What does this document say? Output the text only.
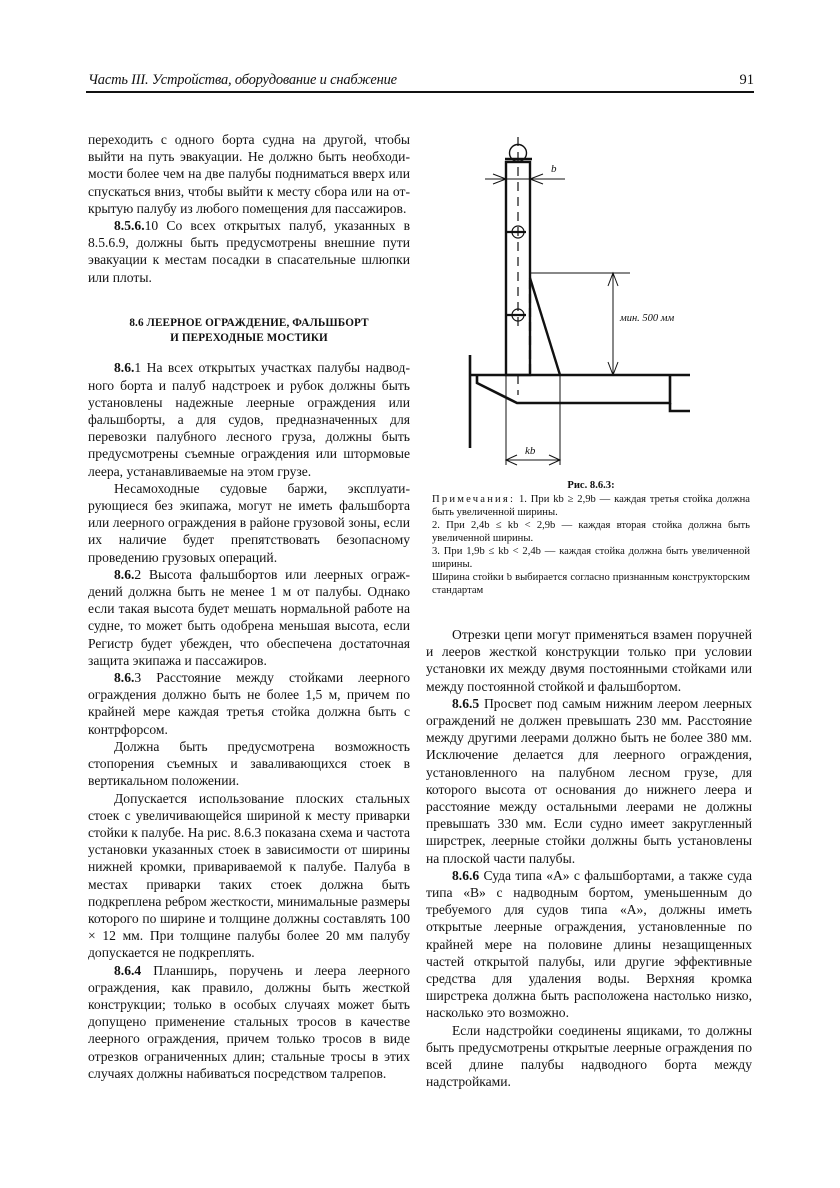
Часть III. Устройства, оборудование и снабжение	91

переходить с одного борта судна на другой, чтобы выйти на путь эвакуации. Не должно быть необходи-мости более чем на две палубы подниматься вверх или спускаться вниз, чтобы выйти к месту сбора или на открытую палубу из любого помещения для пассажиров.

8.5.6.10 Со всех открытых палуб, указанных в 8.5.6.9, должны быть предусмотрены внешние пути эвакуации к местам посадки в спасательные шлюпки или плоты.

8.6 ЛЕЕРНОЕ ОГРАЖДЕНИЕ, ФАЛЬШБОРТ
И ПЕРЕХОДНЫЕ МОСТИКИ

8.6.1 На всех открытых участках палубы надводного борта и палуб надстроек и рубок должны быть установлены надежные леерные ограждения или фальшборты, а для судов, предназначенных для перевозки палубного лесного груза, должны быть предусмотрены съемные ограждения или штормовые леера, устанавливаемые на этом грузе.

Несамоходные судовые баржи, эксплуатирующиеся без экипажа, могут не иметь фальшборта или леерного ограждения в районе грузовой зоны, если их наличие будет препятствовать безопасному проведению грузовых операций.

8.6.2 Высота фальшбортов или леерных ограждений должна быть не менее 1 м от палубы. Однако если такая высота будет мешать нормальной работе на судне, то может быть одобрена меньшая высота, если Регистр будет убежден, что обеспечена достаточная защита экипажа и пассажиров.

8.6.3 Расстояние между стойками леерного ограждения должно быть не более 1,5 м, причем по крайней мере каждая третья стойка должна быть с контрфорсом.

Должна быть предусмотрена возможность стопорения съемных и заваливающихся стоек в вертикальном положении.

Допускается использование плоских стальных стоек с увеличивающейся шириной к месту приварки стойки к палубе. На рис. 8.6.3 показана схема и частота установки указанных стоек в зависимости от ширины нижней кромки, привариваемой к палубе. Палуба в местах приварки таких стоек должна быть подкреплена ребром жесткости, минимальные размеры которого по ширине и толщине должны составлять 100 × 12 мм. При толщине палубы более 20 мм палубу допускается не подкреплять.

8.6.4 Планширь, поручень и леера леерного ограждения, как правило, должны быть жесткой конструкции; только в особых случаях может быть допущено применение стальных тросов в качестве леерного ограждения, причем только тросов в виде отрезков ограниченных длин; стальные тросы в этих случаях должны набиваться посредством талрепов.

b
мин. 500 мм
kb
Рис. 8.6.3:

Примечания: 1. При kb ≥ 2,9b — каждая третья стойка должна быть увеличенной ширины.

2. При 2,4b ≤ kb < 2,9b — каждая вторая стойка должна быть увеличенной ширины.

3. При 1,9b ≤ kb < 2,4b — каждая стойка должна быть увеличенной ширины.

Ширина стойки b выбирается согласно признанным конструкторским стандартам

Отрезки цепи могут применяться взамен поручней и леeров жесткой конструкции только при условии установки их между двумя постоянными стойками или между постоянной стойкой и фальшбортом.

8.6.5 Просвет под самым нижним леером леерных ограждений не должен превышать 230 мм. Расстояние между другими леерами должно быть не более 380 мм. Исключение делается для леерного ограждения, установленного на палубном лесном грузе, для которого высота от основания до нижнего леера и расстояние между остальными леерами не должны превышать 330 мм. Если судно имеет закругленный ширстрек, леерные стойки должны быть установлены на плоской части палубы.

8.6.6 Суда типа «А» с фальшбортами, а также суда типа «В» с надводным бортом, уменьшенным до требуемого для судов типа «А», должны иметь открытые леерные ограждения, установленные по крайней мере на половине длины незащищенных частей открытой палубы, или другие эффективные средства для удаления воды. Верхняя кромка ширстрека должна быть расположена настолько низко, насколько это возможно.

Если надстройки соединены ящиками, то должны быть предусмотрены открытые леерные ограждения по всей длине палубы надводного борта между надстройками.
